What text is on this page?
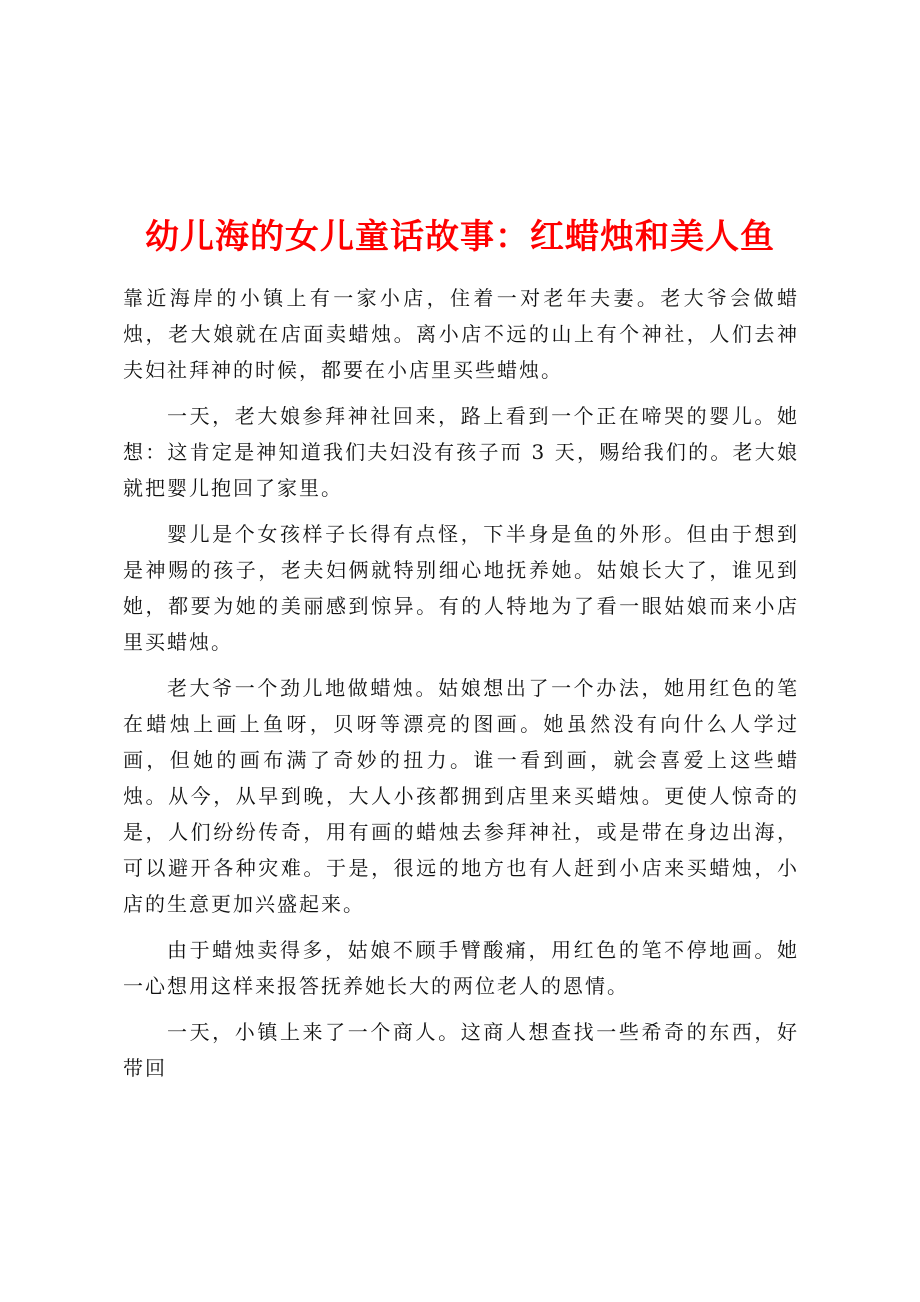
幼儿海的女儿童话故事：红蜡烛和美人鱼

靠近海岸的小镇上有一家小店，住着一对老年夫妻。老大爷会做蜡烛，老大娘就在店面卖蜡烛。离小店不远的山上有个神社，人们去神夫妇社拜神的时候，都要在小店里买些蜡烛。

一天，老大娘参拜神社回来，路上看到一个正在啼哭的婴儿。她想：这肯定是神知道我们夫妇没有孩子而 3 天，赐给我们的。老大娘就把婴儿抱回了家里。

婴儿是个女孩样子长得有点怪，下半身是鱼的外形。但由于想到是神赐的孩子，老夫妇俩就特别细心地抚养她。姑娘长大了，谁见到她，都要为她的美丽感到惊异。有的人特地为了看一眼姑娘而来小店里买蜡烛。

老大爷一个劲儿地做蜡烛。姑娘想出了一个办法，她用红色的笔在蜡烛上画上鱼呀，贝呀等漂亮的图画。她虽然没有向什么人学过画，但她的画布满了奇妙的扭力。谁一看到画，就会喜爱上这些蜡烛。从今，从早到晚，大人小孩都拥到店里来买蜡烛。更使人惊奇的是，人们纷纷传奇，用有画的蜡烛去参拜神社，或是带在身边出海，可以避开各种灾难。于是，很远的地方也有人赶到小店来买蜡烛，小店的生意更加兴盛起来。

由于蜡烛卖得多，姑娘不顾手臂酸痛，用红色的笔不停地画。她一心想用这样来报答抚养她长大的两位老人的恩情。

一天，小镇上来了一个商人。这商人想查找一些希奇的东西，好带回
